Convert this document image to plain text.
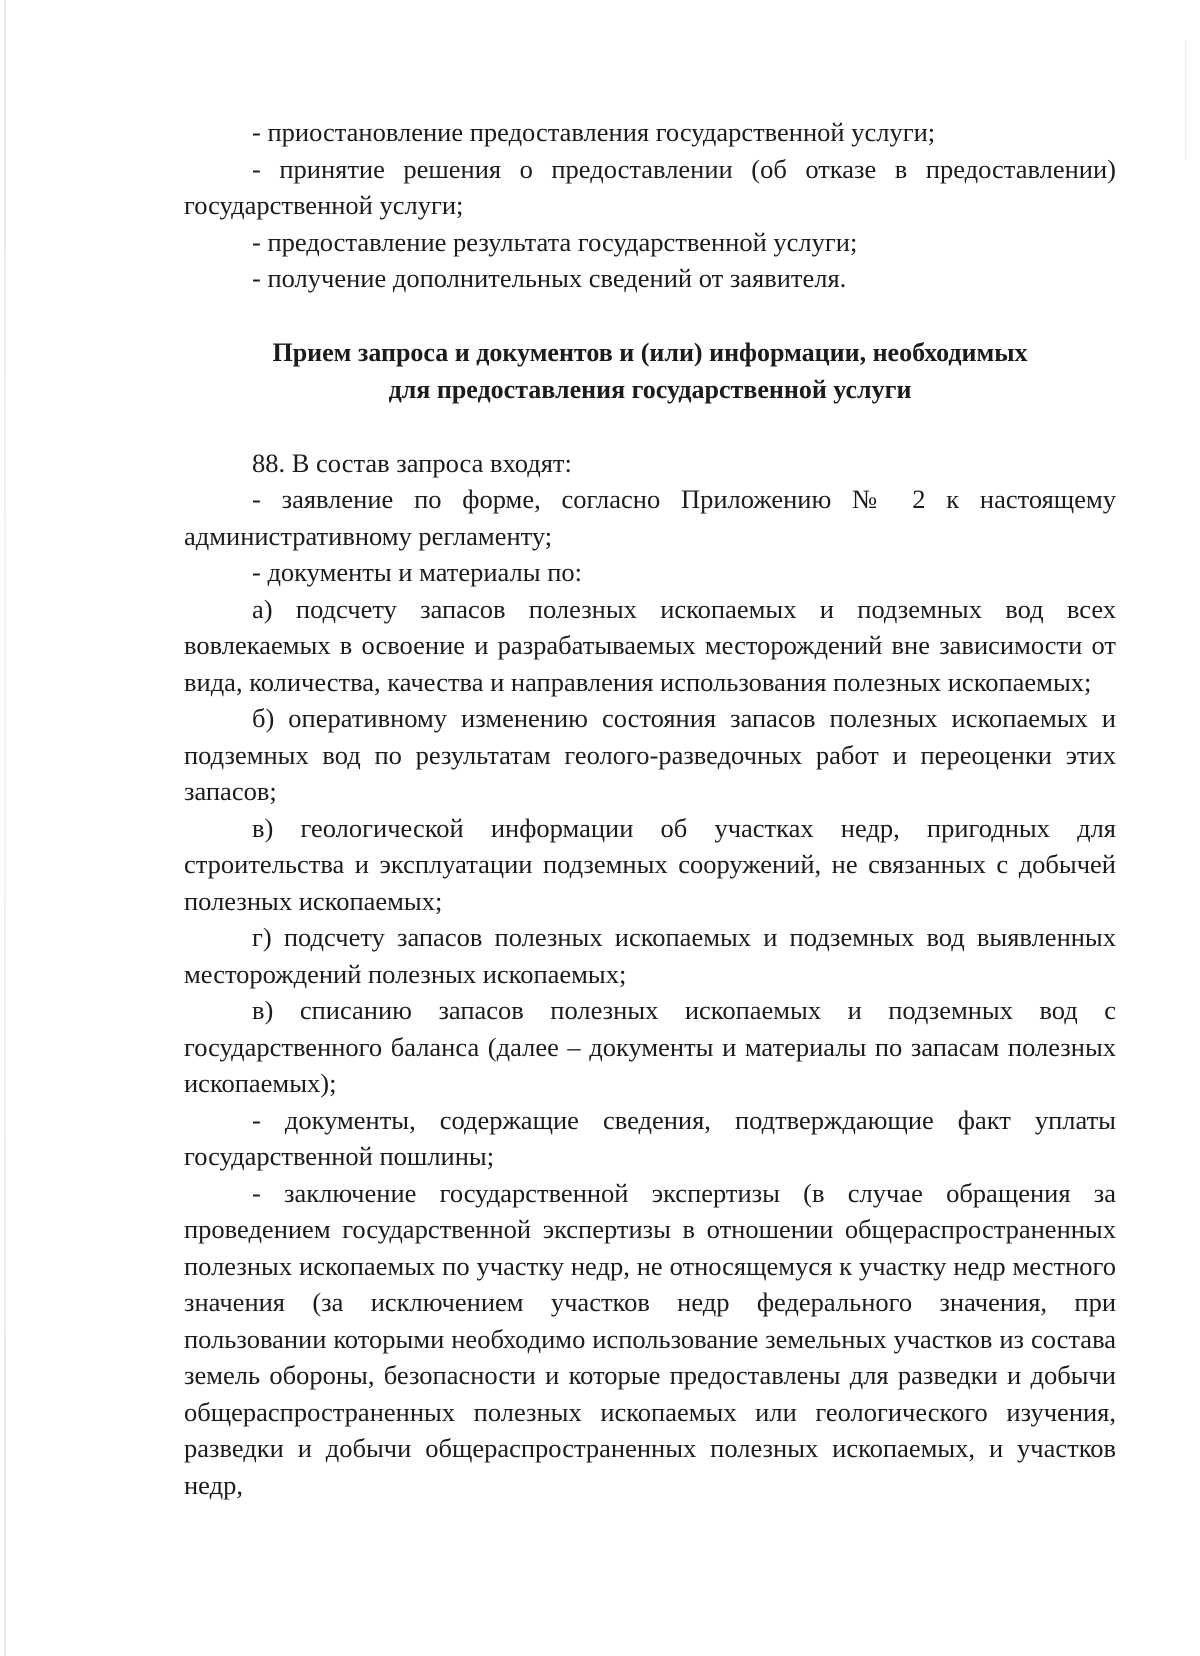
- приостановление предоставления государственной услуги;

- принятие решения о предоставлении (об отказе в предоставлении) государственной услуги;

- предоставление результата государственной услуги;

- получение дополнительных сведений от заявителя.

Прием запроса и документов и (или) информации, необходимых
для предоставления государственной услуги

88. В состав запроса входят:

- заявление по форме, согласно Приложению № 2 к настоящему административному регламенту;

- документы и материалы по:

а) подсчету запасов полезных ископаемых и подземных вод всех вовлекаемых в освоение и разрабатываемых месторождений вне зависимости от вида, количества, качества и направления использования полезных ископаемых;

б) оперативному изменению состояния запасов полезных ископаемых и подземных вод по результатам геолого-разведочных работ и переоценки этих запасов;

в) геологической информации об участках недр, пригодных для строительства и эксплуатации подземных сооружений, не связанных с добычей полезных ископаемых;

г) подсчету запасов полезных ископаемых и подземных вод выявленных месторождений полезных ископаемых;

в) списанию запасов полезных ископаемых и подземных вод с государственного баланса (далее – документы и материалы по запасам полезных ископаемых);

- документы, содержащие сведения, подтверждающие факт уплаты государственной пошлины;

- заключение государственной экспертизы (в случае обращения за проведением государственной экспертизы в отношении общераспространенных полезных ископаемых по участку недр, не относящемуся к участку недр местного значения (за исключением участков недр федерального значения, при пользовании которыми необходимо использование земельных участков из состава земель обороны, безопасности и которые предоставлены для разведки и добычи общераспространенных полезных ископаемых или геологического изучения, разведки и добычи общераспространенных полезных ископаемых, и участков недр,
